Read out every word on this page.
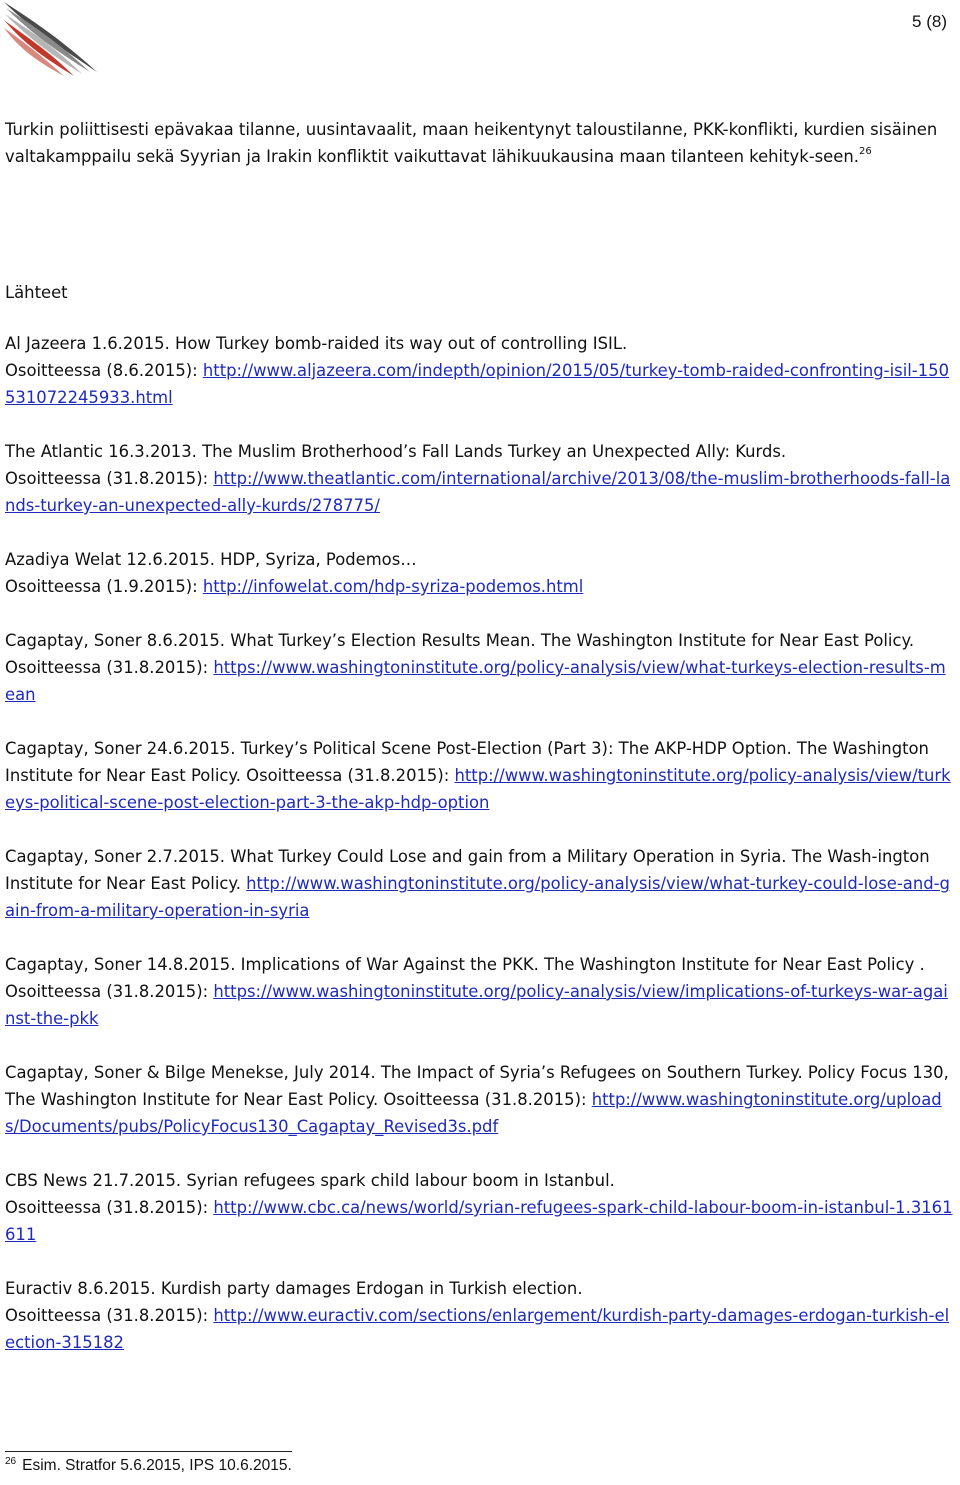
5 (8)

Turkin poliittisesti epävakaa tilanne, uusintavaalit, maan heikentynyt taloustilanne, PKK-konflikti, kurdien sisäinen valtakamppailu sekä Syyrian ja Irakin konfliktit vaikuttavat lähikuukausina maan tilanteen kehityk-seen.$^{26}$

Lähteet

Al Jazeera 1.6.2015. How Turkey bomb-raided its way out of controlling ISIL.
Osoitteessa (8.6.2015): http://www.aljazeera.com/indepth/opinion/2015/05/turkey-tomb-raided-confronting-isil-150531072245933.html

The Atlantic 16.3.2013. The Muslim Brotherhood’s Fall Lands Turkey an Unexpected Ally: Kurds.
Osoitteessa (31.8.2015): http://www.theatlantic.com/international/archive/2013/08/the-muslim-brotherhoods-fall-lands-turkey-an-unexpected-ally-kurds/278775/

Azadiya Welat 12.6.2015. HDP, Syriza, Podemos…
Osoitteessa (1.9.2015): http://infowelat.com/hdp-syriza-podemos.html

Cagaptay, Soner 8.6.2015. What Turkey’s Election Results Mean. The Washington Institute for Near East Policy. Osoitteessa (31.8.2015): https://www.washingtoninstitute.org/policy-analysis/view/what-turkeys-election-results-mean

Cagaptay, Soner 24.6.2015. Turkey’s Political Scene Post-Election (Part 3): The AKP-HDP Option. The Washington Institute for Near East Policy. Osoitteessa (31.8.2015): http://www.washingtoninstitute.org/policy-analysis/view/turkeys-political-scene-post-election-part-3-the-akp-hdp-option

Cagaptay, Soner 2.7.2015. What Turkey Could Lose and gain from a Military Operation in Syria. The Wash-ington Institute for Near East Policy. http://www.washingtoninstitute.org/policy-analysis/view/what-turkey-could-lose-and-gain-from-a-military-operation-in-syria

Cagaptay, Soner 14.8.2015. Implications of War Against the PKK. The Washington Institute for Near East Policy . Osoitteessa (31.8.2015): https://www.washingtoninstitute.org/policy-analysis/view/implications-of-turkeys-war-against-the-pkk

Cagaptay, Soner & Bilge Menekse, July 2014. The Impact of Syria’s Refugees on Southern Turkey. Policy Focus 130, The Washington Institute for Near East Policy. Osoitteessa (31.8.2015): http://www.washingtoninstitute.org/uploads/Documents/pubs/PolicyFocus130_Cagaptay_Revised3s.pdf

CBS News 21.7.2015. Syrian refugees spark child labour boom in Istanbul.
Osoitteessa (31.8.2015): http://www.cbc.ca/news/world/syrian-refugees-spark-child-labour-boom-in-istanbul-1.3161611

Euractiv 8.6.2015. Kurdish party damages Erdogan in Turkish election.
Osoitteessa (31.8.2015): http://www.euractiv.com/sections/enlargement/kurdish-party-damages-erdogan-turkish-election-315182

$^{26}$ Esim. Stratfor 5.6.2015, IPS 10.6.2015.
